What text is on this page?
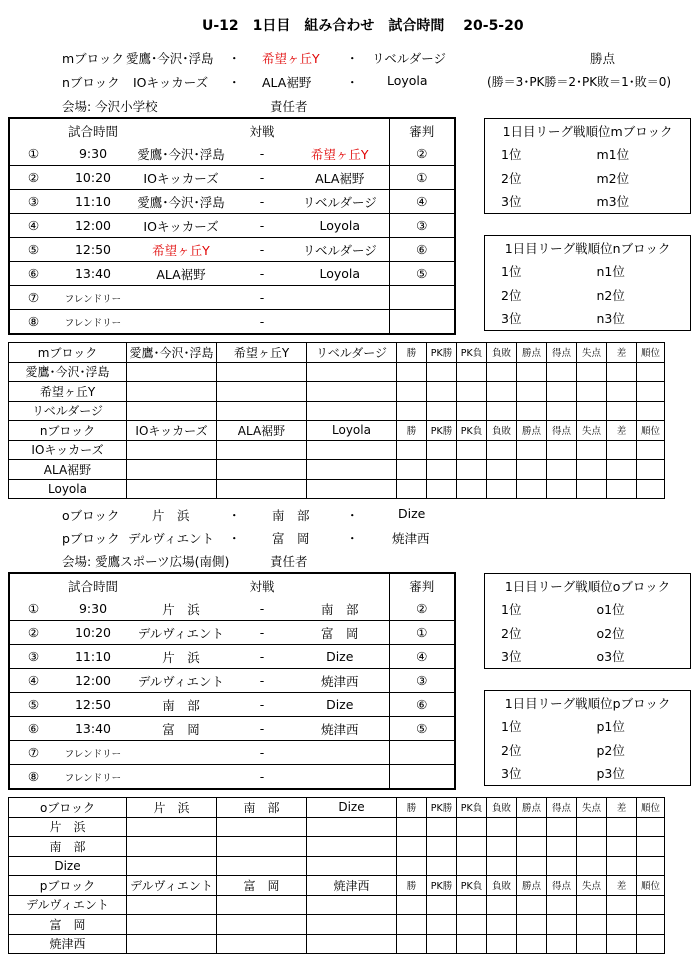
U-12　1日目　組み合わせ　試合時間　 20-5-20
mブロック 愛鷹･今沢･浮島 ・ 希望ヶ丘Y ・ リベルダージ	勝点
nブロック IOキッカーズ ・ ALA裾野	・ Loyola	(勝＝3･PK勝＝2･PK敗＝1･敗＝0)
会場: 今沢小学校	責任者
	試合時間		対戦		審判
①	9:30	愛鷹･今沢･浮島	-	希望ヶ丘Y	②
②	10:20	IOキッカーズ	-	ALA裾野	①
③	11:10	愛鷹･今沢･浮島	-	リベルダージ	④
④	12:00	IOキッカーズ	-	Loyola	③
⑤	12:50	希望ヶ丘Y	-	リベルダージ	⑥
⑥	13:40	ALA裾野	-	Loyola	⑤
⑦	フレンドリー		-		
⑧	フレンドリー		-		
1日目リーグ戦順位mブロック	
1位	m1位
2位	m2位
3位	m3位
1日目リーグ戦順位nブロック	
1位	n1位
2位	n2位
3位	n3位
mブロック	愛鷹･今沢･浮島	希望ヶ丘Y	リベルダージ	勝	PK勝	PK負	負敗	勝点	得点	失点	差	順位
愛鷹･今沢･浮島												
希望ヶ丘Y												
リベルダージ												
nブロック	IOキッカーズ	ALA裾野	Loyola	勝	PK勝	PK負	負敗	勝点	得点	失点	差	順位
IOキッカーズ												
ALA裾野												
Loyola												
oブロック	片　浜	・	南　部	・	Dize
pブロック デルヴィエント ・	富　岡	・	焼津西
会場: 愛鷹スポーツ広場(南側)	責任者
	試合時間		対戦		審判
①	9:30	片　浜	-	南　部	②
②	10:20	デルヴィエント	-	富　岡	①
③	11:10	片　浜	-	Dize	④
④	12:00	デルヴィエント	-	焼津西	③
⑤	12:50	南　部	-	Dize	⑥
⑥	13:40	富　岡	-	焼津西	⑤
⑦	フレンドリー		-		
⑧	フレンドリー		-		
1日目リーグ戦順位oブロック	
1位	o1位
2位	o2位
3位	o3位
1日目リーグ戦順位pブロック	
1位	p1位
2位	p2位
3位	p3位
oブロック	片　浜	南　部	Dize	勝	PK勝	PK負	負敗	勝点	得点	失点	差	順位
片　浜												
南　部												
Dize												
pブロック	デルヴィエント	富　岡	焼津西	勝	PK勝	PK負	負敗	勝点	得点	失点	差	順位
デルヴィエント												
富　岡												
焼津西												
